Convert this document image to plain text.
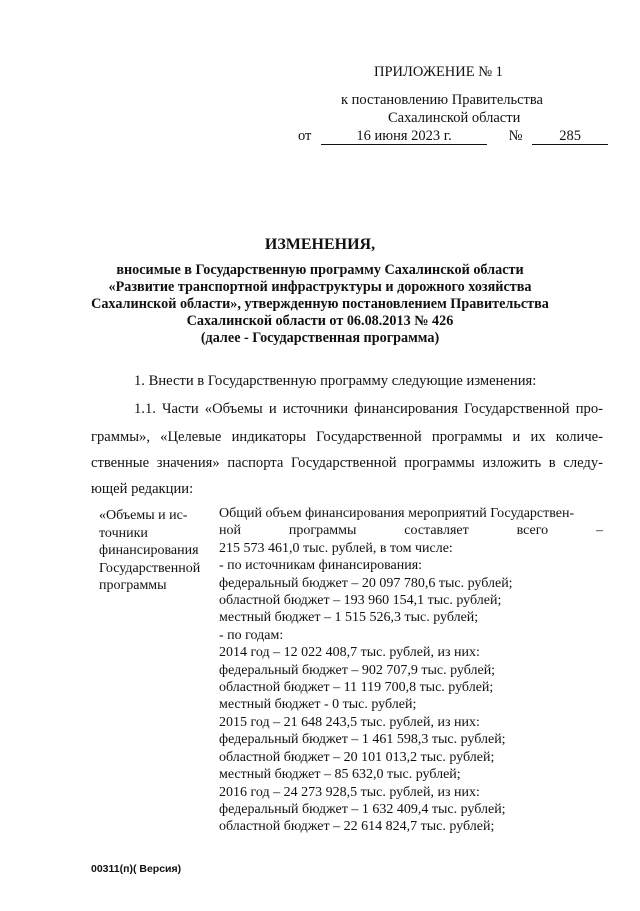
ПРИЛОЖЕНИЕ № 1
к постановлению Правительства
Сахалинской области
от	16 июня 2023 г.	№	285
ИЗМЕНЕНИЯ,
вносимые в Государственную программу Сахалинской области
«Развитие транспортной инфраструктуры и дорожного хозяйства
Сахалинской области», утвержденную постановлением Правительства
Сахалинской области от 06.08.2013 № 426
(далее - Государственная программа)
1. Внести в Государственную программу следующие изменения:
1.1. Части «Объемы и источники финансирования Государственной про-
граммы», «Целевые индикаторы Государственной программы и их количе-
ственные значения» паспорта Государственной программы изложить в следу-
ющей редакции:
«Объемы и ис-
точники
финансирования
Государственной
программы
Общий объем финансирования мероприятий Государствен-
ной	программы	составляет	всего	–
215 573 461,0 тыс. рублей, в том числе:
- по источникам финансирования:
федеральный бюджет – 20 097 780,6 тыс. рублей;
областной бюджет – 193 960 154,1 тыс. рублей;
местный бюджет – 1 515 526,3 тыс. рублей;
- по годам:
2014 год – 12 022 408,7 тыс. рублей, из них:
федеральный бюджет – 902 707,9 тыс. рублей;
областной бюджет – 11 119 700,8 тыс. рублей;
местный бюджет - 0 тыс. рублей;
2015 год – 21 648 243,5 тыс. рублей, из них:
федеральный бюджет – 1 461 598,3 тыс. рублей;
областной бюджет – 20 101 013,2 тыс. рублей;
местный бюджет – 85 632,0 тыс. рублей;
2016 год – 24 273 928,5 тыс. рублей, из них:
федеральный бюджет – 1 632 409,4 тыс. рублей;
областной бюджет – 22 614 824,7 тыс. рублей;
00311(п)( Версия)
